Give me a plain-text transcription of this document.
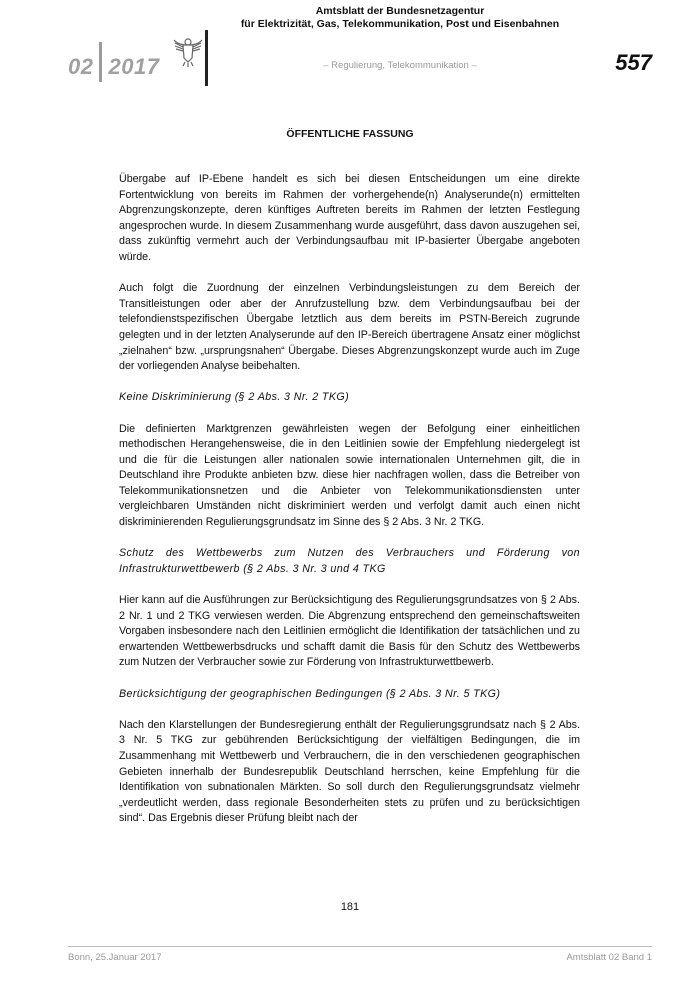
02 2017
Amtsblatt der Bundesnetzagentur
für Elektrizität, Gas, Telekommunikation, Post und Eisenbahnen
– Regulierung, Telekommunikation –	557
ÖFFENTLICHE FASSUNG

Übergabe auf IP-Ebene handelt es sich bei diesen Entscheidungen um eine direkte Fortentwicklung von bereits im Rahmen der vorhergehende(n) Analyserunde(n) ermittelten Abgrenzungskonzepte, deren künftiges Auftreten bereits im Rahmen der letzten Festlegung angesprochen wurde. In diesem Zusammenhang wurde ausgeführt, dass davon auszugehen sei, dass zukünftig vermehrt auch der Verbindungsaufbau mit IP-basierter Übergabe angeboten würde.

Auch folgt die Zuordnung der einzelnen Verbindungsleistungen zu dem Bereich der Transitleistungen oder aber der Anrufzustellung bzw. dem Verbindungsaufbau bei der telefondienstspezifischen Übergabe letztlich aus dem bereits im PSTN-Bereich zugrunde gelegten und in der letzten Analyserunde auf den IP-Bereich übertragene Ansatz einer möglichst „zielnahen“ bzw. „ursprungsnahen“ Übergabe. Dieses Abgrenzungskonzept wurde auch im Zuge der vorliegenden Analyse beibehalten.

Keine Diskriminierung (§ 2 Abs. 3 Nr. 2 TKG)

Die definierten Marktgrenzen gewährleisten wegen der Befolgung einer einheitlichen methodischen Herangehensweise, die in den Leitlinien sowie der Empfehlung niedergelegt ist und die für die Leistungen aller nationalen sowie internationalen Unternehmen gilt, die in Deutschland ihre Produkte anbieten bzw. diese hier nachfragen wollen, dass die Betreiber von Telekommunikationsnetzen und die Anbieter von Telekommunikationsdiensten unter vergleichbaren Umständen nicht diskriminiert werden und verfolgt damit auch einen nicht diskriminierenden Regulierungsgrundsatz im Sinne des § 2 Abs. 3 Nr. 2 TKG.

Schutz des Wettbewerbs zum Nutzen des Verbrauchers und Förderung von Infrastrukturwettbewerb (§ 2 Abs. 3 Nr. 3 und 4 TKG

Hier kann auf die Ausführungen zur Berücksichtigung des Regulierungsgrundsatzes von § 2 Abs. 2 Nr. 1 und 2 TKG verwiesen werden. Die Abgrenzung entsprechend den gemeinschaftsweiten Vorgaben insbesondere nach den Leitlinien ermöglicht die Identifikation der tatsächlichen und zu erwartenden Wettbewerbsdrucks und schafft damit die Basis für den Schutz des Wettbewerbs zum Nutzen der Verbraucher sowie zur Förderung von Infrastrukturwettbewerb.

Berücksichtigung der geographischen Bedingungen (§ 2 Abs. 3 Nr. 5 TKG)

Nach den Klarstellungen der Bundesregierung enthält der Regulierungsgrundsatz nach § 2 Abs. 3 Nr. 5 TKG zur gebührenden Berücksichtigung der vielfältigen Bedingungen, die im Zusammenhang mit Wettbewerb und Verbrauchern, die in den verschiedenen geographischen Gebieten innerhalb der Bundesrepublik Deutschland herrschen, keine Empfehlung für die Identifikation von subnationalen Märkten. So soll durch den Regulierungsgrundsatz vielmehr „verdeutlicht werden, dass regionale Besonderheiten stets zu prüfen und zu berücksichtigen sind“. Das Ergebnis dieser Prüfung bleibt nach der

181
Bonn, 25.Januar 2017	Amtsblatt 02 Band 1
